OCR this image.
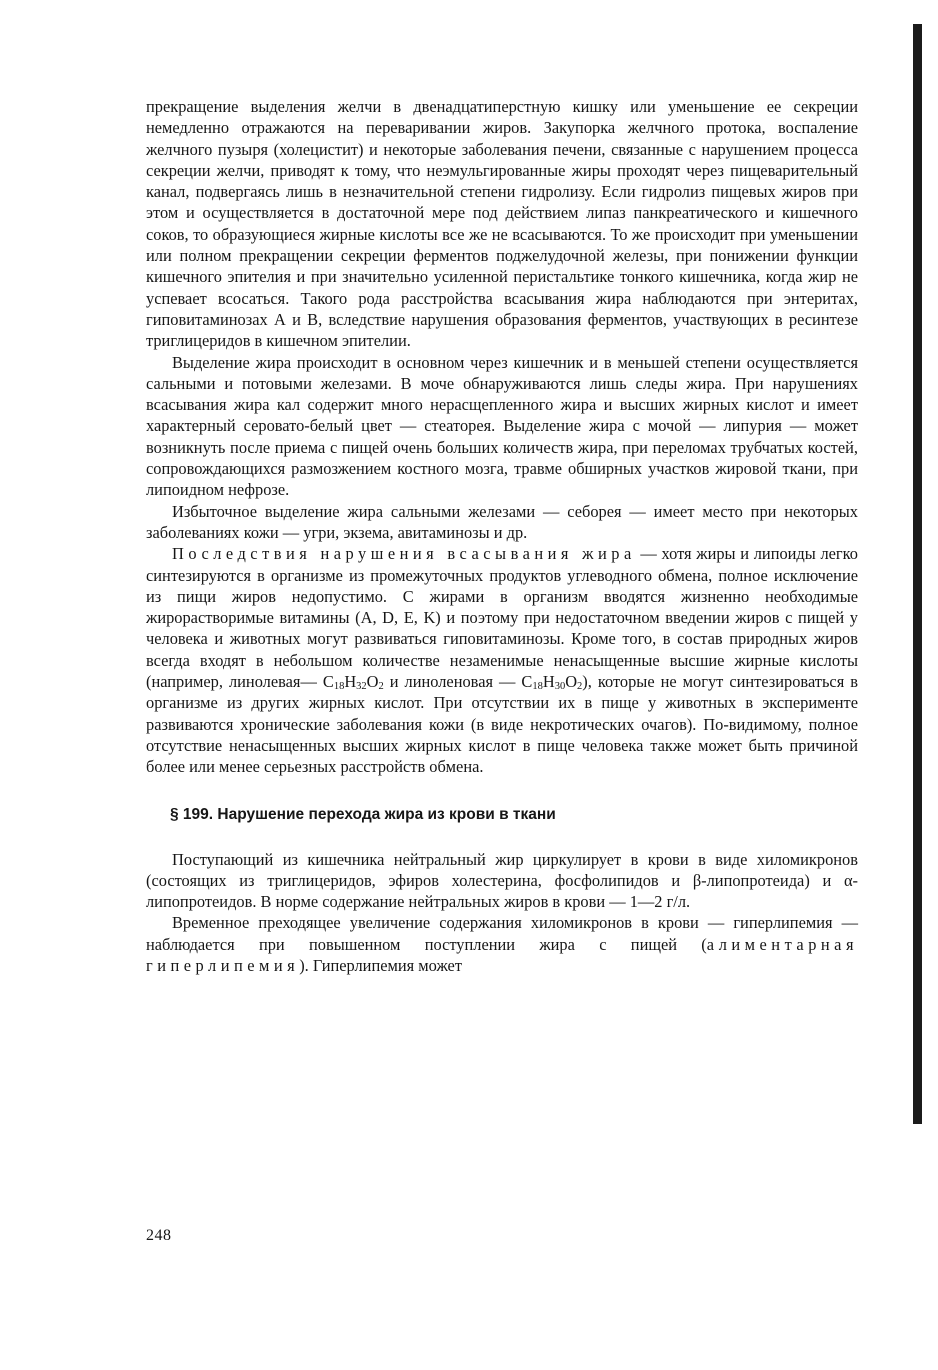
прекращение выделения желчи в двенадцатиперстную кишку или уменьшение ее секреции немедленно отражаются на переваривании жиров. Закупорка желчного протока, воспаление желчного пузыря (холецистит) и некоторые заболевания печени, связанные с нарушением процесса секреции желчи, приводят к тому, что неэмульгированные жиры проходят через пищеварительный канал, подвергаясь лишь в незначительной степени гидролизу. Если гидролиз пищевых жиров при этом и осуществляется в достаточной мере под действием липаз панкреатического и кишечного соков, то образующиеся жирные кислоты все же не всасываются. То же происходит при уменьшении или полном прекращении секреции ферментов поджелудочной железы, при понижении функции кишечного эпителия и при значительно усиленной перистальтике тонкого кишечника, когда жир не успевает всосаться. Такого рода расстройства всасывания жира наблюдаются при энтеритах, гиповитаминозах А и В, вследствие нарушения образования ферментов, участвующих в ресинтезе триглицеридов в кишечном эпителии.

Выделение жира происходит в основном через кишечник и в меньшей степени осуществляется сальными и потовыми железами. В моче обнаруживаются лишь следы жира. При нарушениях всасывания жира кал содержит много нерасщепленного жира и высших жирных кислот и имеет характерный серовато-белый цвет — стеаторея. Выделение жира с мочой — липурия — может возникнуть после приема с пищей очень больших количеств жира, при переломах трубчатых костей, сопровождающихся размозжением костного мозга, травме обширных участков жировой ткани, при липоидном нефрозе.

Избыточное выделение жира сальными железами — себорея — имеет место при некоторых заболеваниях кожи — угри, экзема, авитаминозы и др.

Последствия нарушения всасывания жира — хотя жиры и липоиды легко синтезируются в организме из промежуточных продуктов углеводного обмена, полное исключение из пищи жиров недопустимо. С жирами в организм вводятся жизненно необходимые жирорастворимые витамины (A, D, E, K) и поэтому при недостаточном введении жиров с пищей у человека и животных могут развиваться гиповитаминозы. Кроме того, в состав природных жиров всегда входят в небольшом количестве незаменимые ненасыщенные высшие жирные кислоты (например, линолевая— $C_{18}H_{32}O_2$ и линоленовая — $C_{18}H_{30}O_2$), которые не могут синтезироваться в организме из других жирных кислот. При отсутствии их в пище у животных в эксперименте развиваются хронические заболевания кожи (в виде некротических очагов). По-видимому, полное отсутствие ненасыщенных высших жирных кислот в пище человека также может быть причиной более или менее серьезных расстройств обмена.

§ 199. Нарушение перехода жира из крови в ткани

Поступающий из кишечника нейтральный жир циркулирует в крови в виде хиломикронов (состоящих из триглицеридов, эфиров холестерина, фосфолипидов и β-липопротеида) и α-липопротеидов. В норме содержание нейтральных жиров в крови — 1—2 г/л.

Временное преходящее увеличение содержания хиломикронов в крови — гиперлипемия — наблюдается при повышенном поступлении жира с пищей (алиментарная гиперлипемия). Гиперлипемия может

248
